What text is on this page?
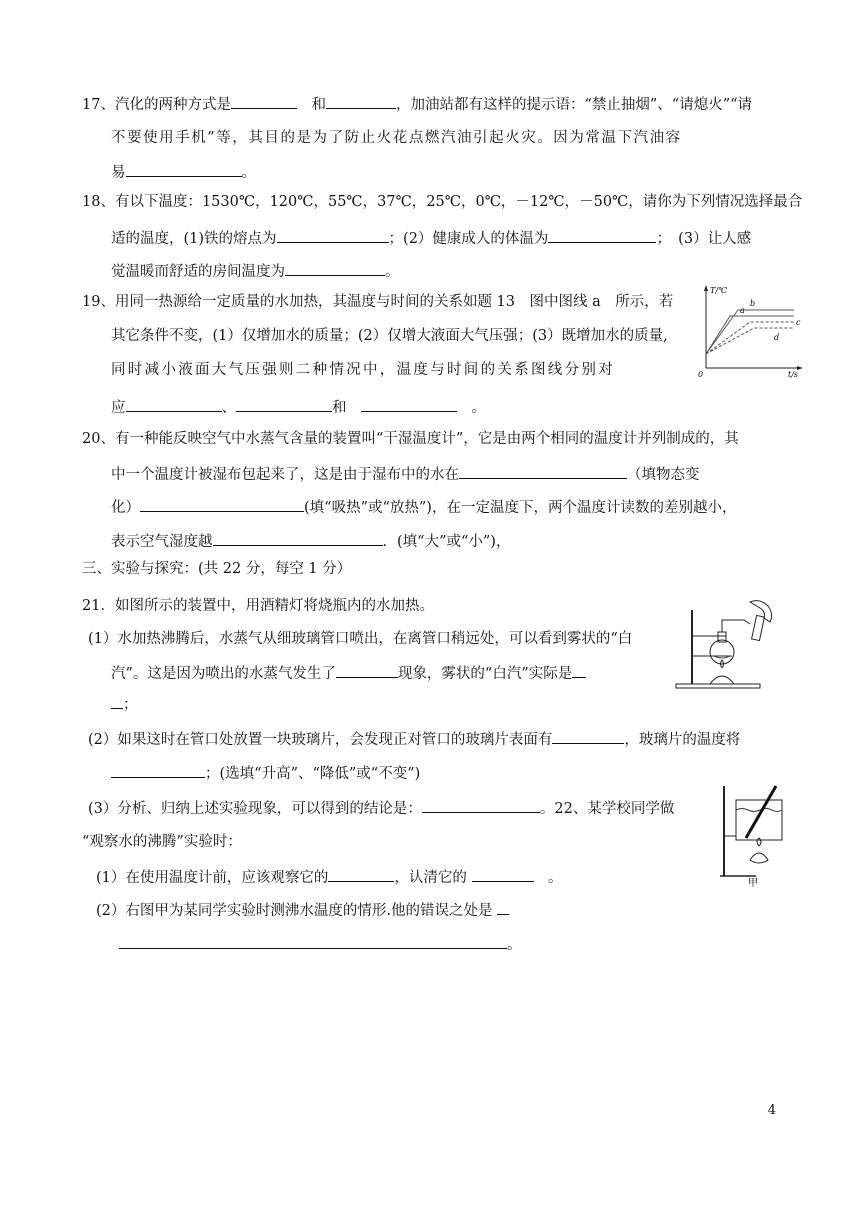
17、汽化的两种方式是　	和	，加油站都有这样的提示语：“禁止抽烟”、“请熄火”“请
不要使用手机”等，其目的是为了防止火花点燃汽油引起火灾。因为常温下汽油容
易	。
18、有以下温度：1530℃，120℃，55℃，37℃，25℃，0℃，－12℃，－50℃，请你为下列情况选择最合
适的温度，(1)铁的熔点为	；(2）健康成人的体温为	；　(3）让人感
觉温暖而舒适的房间温度为	。
19、用同一热源给一定质量的水加热，其温度与时间的关系如题 13　图中图线 a　所示，若
其它条件不变，(1）仅增加水的质量；(2）仅增大液面大气压强；(3）既增加水的质量,
同时减小液面大气压强则二种情况中，温度与时间的关系图线分别对
应	、	和　　	。
T/℃
t/s
0
b
a
c
d
20、有一种能反映空气中水蒸气含量的装置叫“干湿温度计”，它是由两个相同的温度计并列制成的，其
中一个温度计被湿布包起来了，这是由于湿布中的水在	（填物态变
化）	(填“吸热”或“放热”)，在一定温度下，两个温度计读数的差别越小，
表示空气湿度越	．(填“大”或“小”)，
三、实验与探究：(共 22 分，每空 1 分）
21．如图所示的装置中，用酒精灯将烧瓶内的水加热。
(1）水加热沸腾后，水蒸气从细玻璃管口喷出，在离管口稍远处，可以看到雾状的“白
汽”。这是因为喷出的水蒸气发生了	现象，雾状的“白汽”实际是
；
(2）如果这时在管口处放置一块玻璃片，会发现正对管口的玻璃片表面有	，玻璃片的温度将
；(选填“升高”、“降低”或“不变”)
(3）分析、归纳上述实验现象，可以得到的结论是：	。22、某学校同学做
“观察水的沸腾”实验时：
(1）在使用温度计前，应该观察它的	，认清它的 　	。
(2）右图甲为某同学实验时测沸水温度的情形.他的错误之处是
。
甲
4
